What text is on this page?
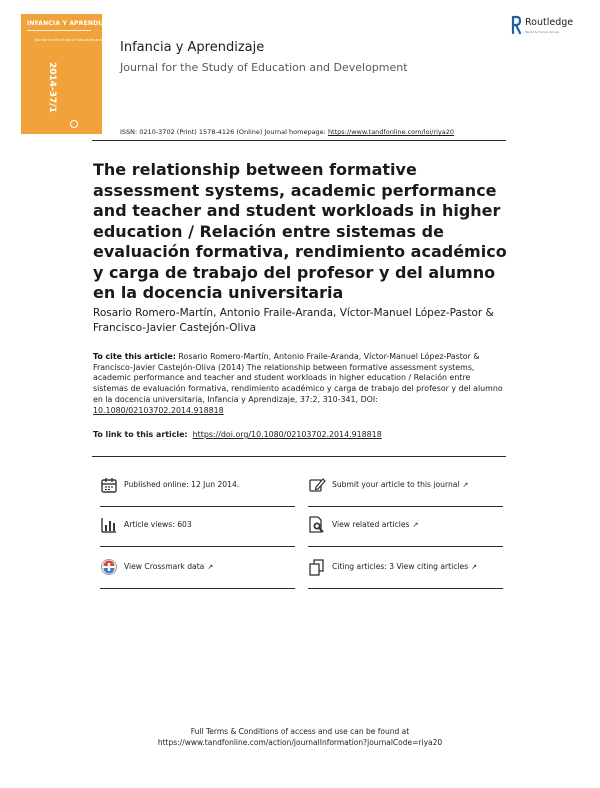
INFANCIA Y APRENDIZAJE
Journal for the Study of Education and Development
2014-37/1
Infancia y Aprendizaje
Journal for the Study of Education and Development
Routledge
Taylor & Francis Group
ISSN: 0210-3702 (Print) 1578-4126 (Online) Journal homepage: https://www.tandfonline.com/loi/riya20
The relationship between formative assessment systems, academic performance and teacher and student workloads in higher education / Relación entre sistemas de evaluación formativa, rendimiento académico y carga de trabajo del profesor y del alumno en la docencia universitaria

Rosario Romero-Martín, Antonio Fraile-Aranda, Víctor-Manuel López-Pastor & Francisco-Javier Castejón-Oliva

To cite this article: Rosario Romero-Martín, Antonio Fraile-Aranda, Víctor-Manuel López-Pastor & Francisco-Javier Castejón-Oliva (2014) The relationship between formative assessment systems, academic performance and teacher and student workloads in higher education / Relación entre sistemas de evaluación formativa, rendimiento académico y carga de trabajo del profesor y del alumno en la docencia universitaria, Infancia y Aprendizaje, 37:2, 310-341, DOI: 10.1080/02103702.2014.918818
To link to this article: https://doi.org/10.1080/02103702.2014.918818
Published online: 12 Jun 2014.	Submit your article to this journal ↗
Article views: 603	View related articles ↗
View Crossmark data ↗	Citing articles: 3 View citing articles ↗
Full Terms & Conditions of access and use can be found at
https://www.tandfonline.com/action/journalInformation?journalCode=riya20
